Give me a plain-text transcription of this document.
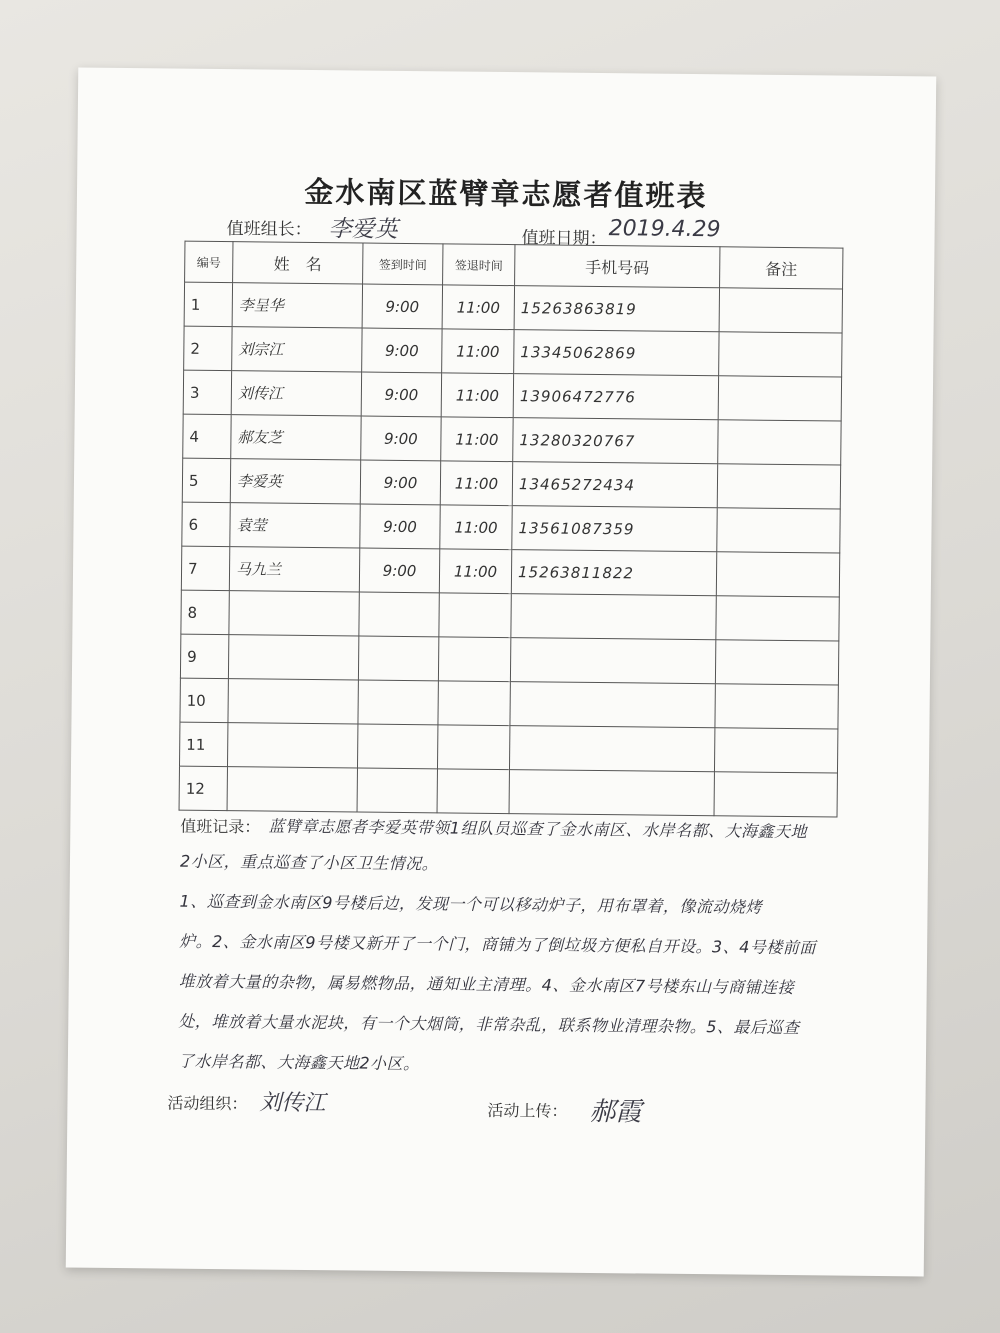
金水南区蓝臂章志愿者值班表
值班组长： 李爱英	值班日期： 2019.4.29
编号	姓　名	签到时间	签退时间	手机号码	备注
1	李呈华	9:00	11:00	15263863819	
2	刘宗江	9:00	11:00	13345062869	
3	刘传江	9:00	11:00	13906472776	
4	郝友芝	9:00	11:00	13280320767	
5	李爱英	9:00	11:00	13465272434	
6	袁莹	9:00	11:00	13561087359	
7	马九兰	9:00	11:00	15263811822	
8					
9					
10					
11					
12					
值班记录： 蓝臂章志愿者李爱英带领1组队员巡查了金水南区、水岸名都、大海鑫天地
2小区，重点巡查了小区卫生情况。
1、巡查到金水南区9号楼后边，发现一个可以移动炉子，用布罩着，像流动烧烤
炉。2、金水南区9号楼又新开了一个门，商铺为了倒垃圾方便私自开设。3、4号楼前面
堆放着大量的杂物，属易燃物品，通知业主清理。4、金水南区7号楼东山与商铺连接
处，堆放着大量水泥块，有一个大烟筒，非常杂乱，联系物业清理杂物。5、最后巡查
了水岸名都、大海鑫天地2小区。
活动组织： 刘传江	活动上传： 郝霞
